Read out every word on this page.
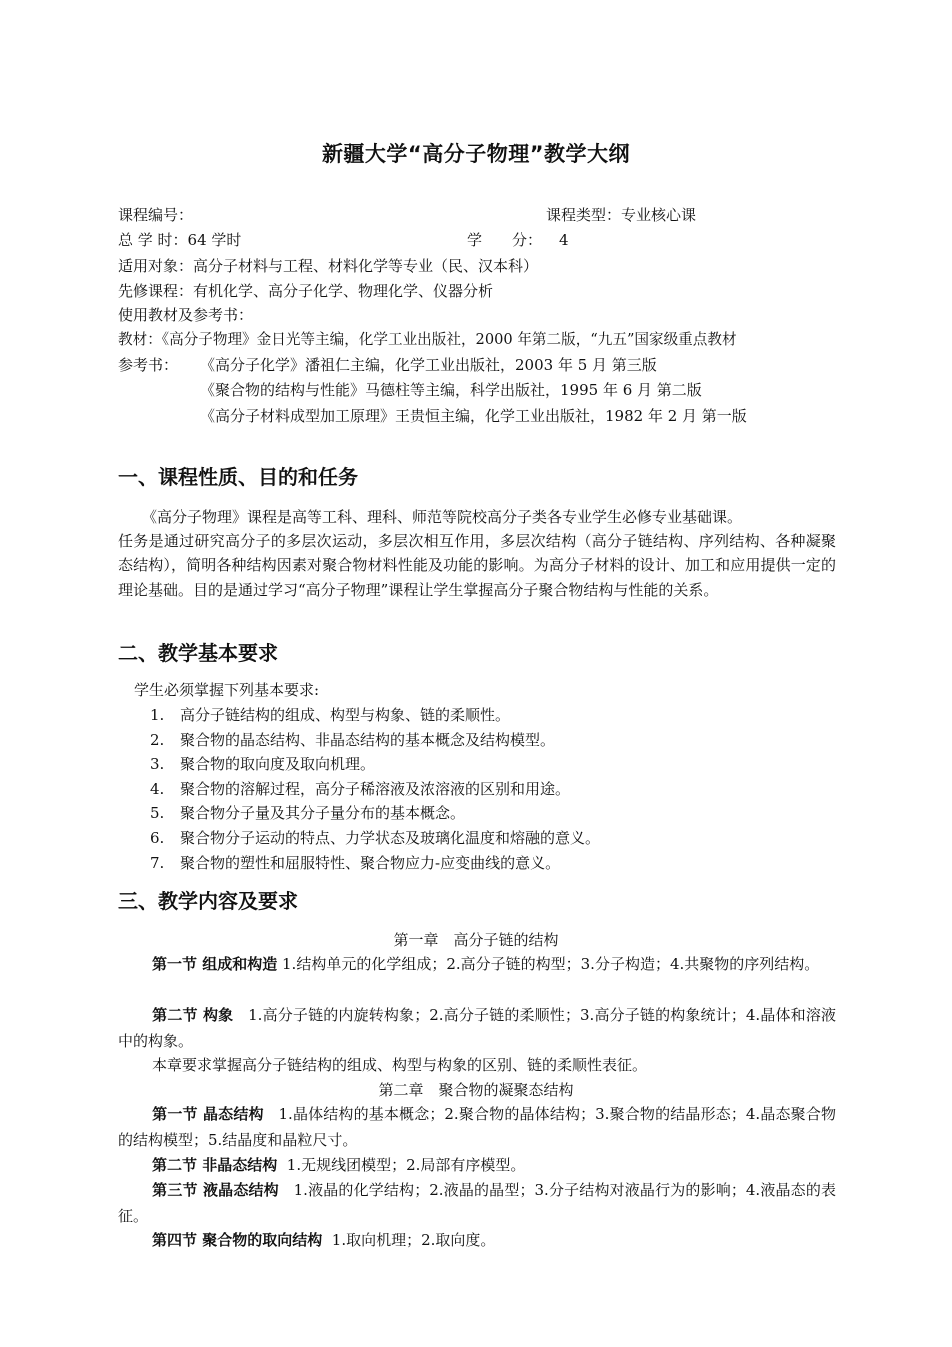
新疆大学“高分子物理”教学大纲
课程编号：	课程类型：专业核心课
总 学 时：64 学时	学　　分： 4
适用对象：高分子材料与工程、材料化学等专业（民、汉本科）
先修课程：有机化学、高分子化学、物理化学、仪器分析
使用教材及参考书：
教材：《高分子物理》金日光等主编，化学工业出版社，2000 年第二版，“九五”国家级重点教材
参考书： 《高分子化学》潘祖仁主编，化学工业出版社，2003 年 5 月 第三版
《聚合物的结构与性能》马德柱等主编，科学出版社，1995 年 6 月 第二版
《高分子材料成型加工原理》王贵恒主编，化学工业出版社，1982 年 2 月 第一版
一、课程性质、目的和任务
《高分子物理》课程是高等工科、理科、师范等院校高分子类各专业学生必修专业基础课。
任务是通过研究高分子的多层次运动，多层次相互作用，多层次结构（高分子链结构、序列结构、各种凝聚态结构），简明各种结构因素对聚合物材料性能及功能的影响。为高分子材料的设计、加工和应用提供一定的理论基础。目的是通过学习“高分子物理”课程让学生掌握高分子聚合物结构与性能的关系。
二、教学基本要求
学生必须掌握下列基本要求:
1. 高分子链结构的组成、构型与构象、链的柔顺性。
2. 聚合物的晶态结构、非晶态结构的基本概念及结构模型。
3. 聚合物的取向度及取向机理。
4. 聚合物的溶解过程，高分子稀溶液及浓溶液的区别和用途。
5. 聚合物分子量及其分子量分布的基本概念。
6. 聚合物分子运动的特点、力学状态及玻璃化温度和熔融的意义。
7. 聚合物的塑性和屈服特性、聚合物应力-应变曲线的意义。
三、教学内容及要求
第一章　高分子链的结构
第一节 组成和构造 1.结构单元的化学组成；2.高分子链的构型；3.分子构造；4.共聚物的序列结构。
第二节 构象 1.高分子链的内旋转构象；2.高分子链的柔顺性；3.高分子链的构象统计；4.晶体和溶液中的构象。
本章要求掌握高分子链结构的组成、构型与构象的区别、链的柔顺性表征。
第二章　聚合物的凝聚态结构
第一节 晶态结构 1.晶体结构的基本概念；2.聚合物的晶体结构；3.聚合物的结晶形态；4.晶态聚合物的结构模型；5.结晶度和晶粒尺寸。
第二节 非晶态结构 1.无规线团模型；2.局部有序模型。
第三节 液晶态结构 1.液晶的化学结构；2.液晶的晶型；3.分子结构对液晶行为的影响；4.液晶态的表征。
第四节 聚合物的取向结构 1.取向机理；2.取向度。
